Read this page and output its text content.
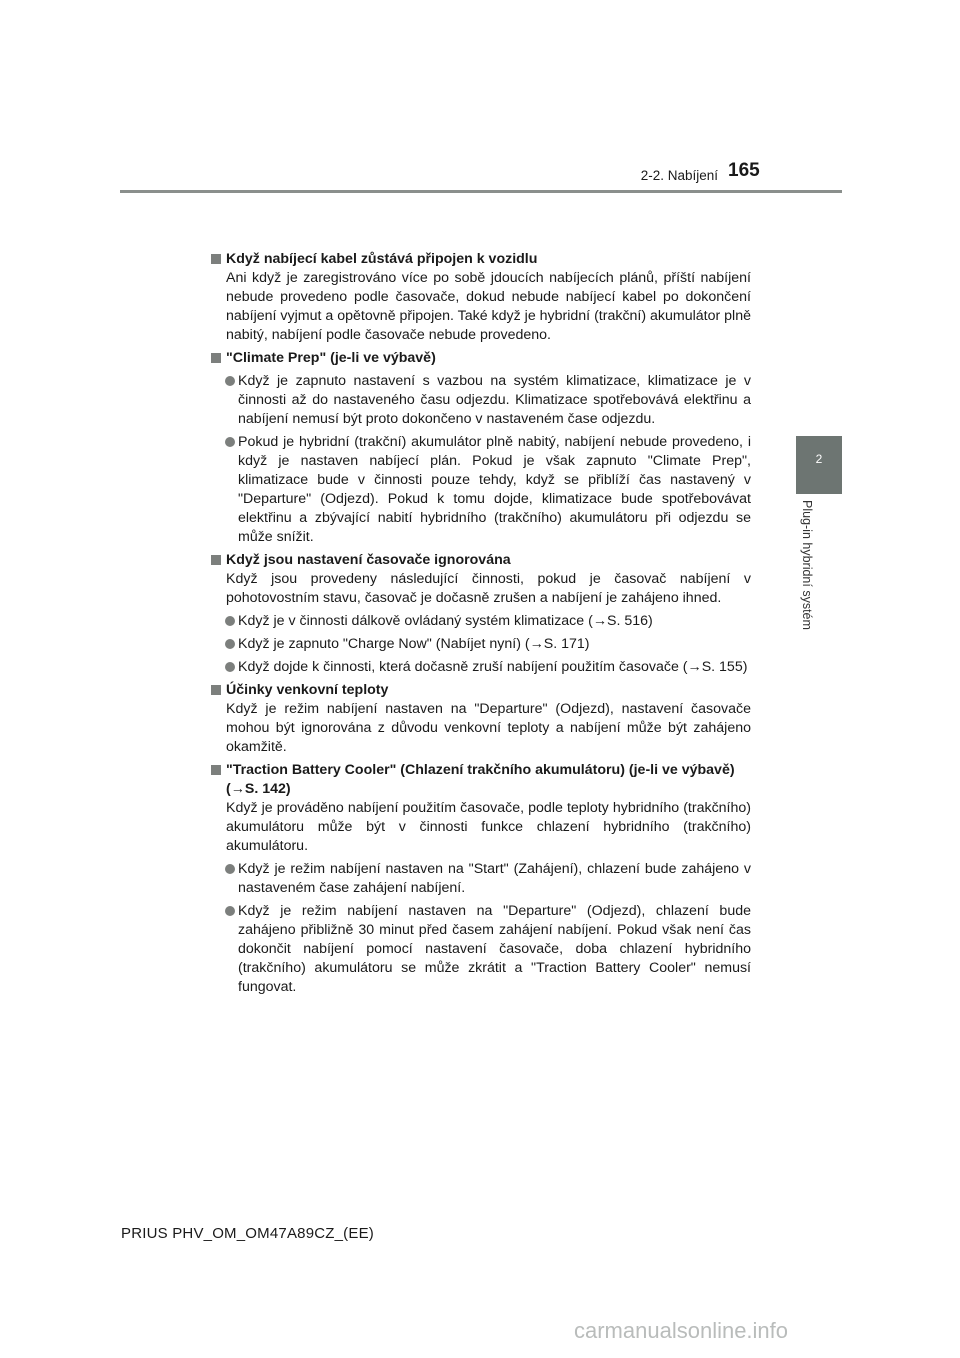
2-2. Nabíjení 165
2
Plug-in hybridní systém
Když nabíjecí kabel zůstává připojen k vozidlu
Ani když je zaregistrováno více po sobě jdoucích nabíjecích plánů, příští nabíjení nebude provedeno podle časovače, dokud nebude nabíjecí kabel po dokončení nabíjení vyjmut a opětovně připojen. Také když je hybridní (trakční) akumulátor plně nabitý, nabíjení podle časovače nebude provedeno.
"Climate Prep" (je-li ve výbavě)
Když je zapnuto nastavení s vazbou na systém klimatizace, klimatizace je v činnosti až do nastaveného času odjezdu. Klimatizace spotřebovává elektřinu a nabíjení nemusí být proto dokončeno v nastaveném čase odjezdu.
Pokud je hybridní (trakční) akumulátor plně nabitý, nabíjení nebude provedeno, i když je nastaven nabíjecí plán. Pokud je však zapnuto "Climate Prep", klimatizace bude v činnosti pouze tehdy, když se přiblíží čas nastavený v "Departure" (Odjezd). Pokud k tomu dojde, klimatizace bude spotřebovávat elektřinu a zbývající nabití hybridního (trakčního) akumulátoru při odjezdu se může snížit.
Když jsou nastavení časovače ignorována
Když jsou provedeny následující činnosti, pokud je časovač nabíjení v pohotovostním stavu, časovač je dočasně zrušen a nabíjení je zahájeno ihned.
Když je v činnosti dálkově ovládaný systém klimatizace (→S. 516)
Když je zapnuto "Charge Now" (Nabíjet nyní) (→S. 171)
Když dojde k činnosti, která dočasně zruší nabíjení použitím časovače (→S. 155)
Účinky venkovní teploty
Když je režim nabíjení nastaven na "Departure" (Odjezd), nastavení časovače mohou být ignorována z důvodu venkovní teploty a nabíjení může být zahájeno okamžitě.
"Traction Battery Cooler" (Chlazení trakčního akumulátoru) (je-li ve výbavě) (→S. 142)
Když je prováděno nabíjení použitím časovače, podle teploty hybridního (trakčního) akumulátoru může být v činnosti funkce chlazení hybridního (trakčního) akumulátoru.
Když je režim nabíjení nastaven na "Start" (Zahájení), chlazení bude zahájeno v nastaveném čase zahájení nabíjení.
Když je režim nabíjení nastaven na "Departure" (Odjezd), chlazení bude zahájeno přibližně 30 minut před časem zahájení nabíjení. Pokud však není čas dokončit nabíjení pomocí nastavení časovače, doba chlazení hybridního (trakčního) akumulátoru se může zkrátit a "Traction Battery Cooler" nemusí fungovat.
PRIUS PHV_OM_OM47A89CZ_(EE)
carmanualsonline.info
